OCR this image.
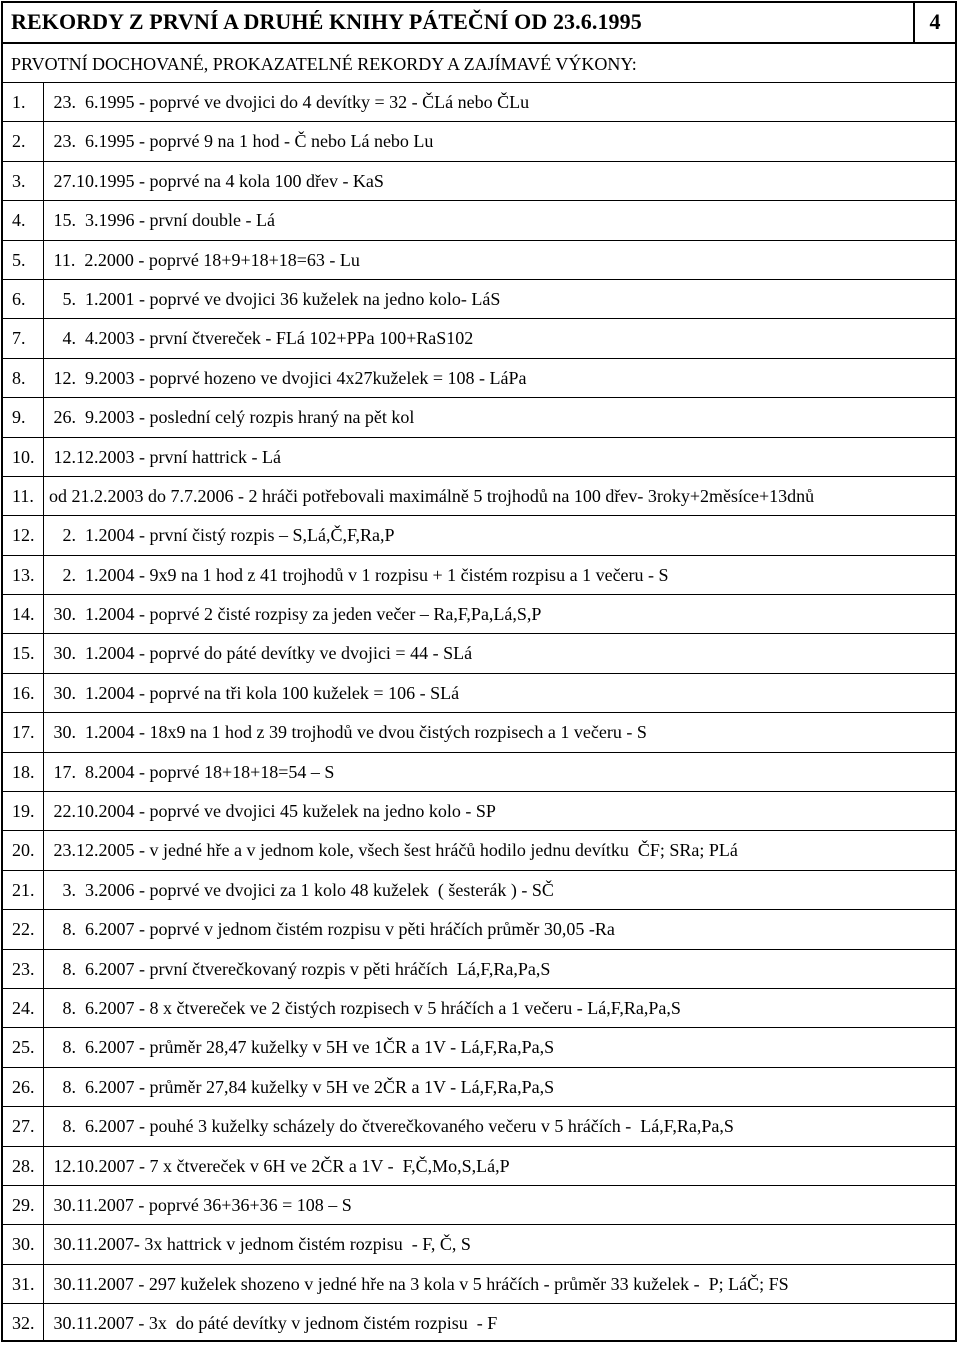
REKORDY Z PRVNÍ A DRUHÉ KNIHY PÁTEČNÍ OD 23.6.1995	4
PRVOTNÍ DOCHOVANÉ, PROKAZATELNÉ REKORDY A ZAJÍMAVÉ VÝKONY:
1. 23.  6.1995 - poprvé ve dvojici do 4 devítky = 32 - ČLá nebo ČLu
2. 23.  6.1995 - poprvé 9 na 1 hod - Č nebo Lá nebo Lu
3. 27.10.1995 - poprvé na 4 kola 100 dřev - KaS
4. 15.  3.1996 - první double - Lá
5. 11.  2.2000 - poprvé 18+9+18+18=63 - Lu
6. 5.  1.2001 - poprvé ve dvojici 36 kuželek na jedno kolo- LáS
7. 4.  4.2003 - první čtvereček - FLá 102+PPa 100+RaS102
8. 12.  9.2003 - poprvé hozeno ve dvojici 4x27kuželek = 108 - LáPa
9. 26.  9.2003 - poslední celý rozpis hraný na pět kol
10. 12.12.2003 - první hattrick - Lá
11. od 21.2.2003 do 7.7.2006 - 2 hráči potřebovali maximálně 5 trojhodů na 100 dřev- 3roky+2měsíce+13dnů
12. 2.  1.2004 - první čistý rozpis – S,Lá,Č,F,Ra,P
13. 2.  1.2004 - 9x9 na 1 hod z 41 trojhodů v 1 rozpisu + 1 čistém rozpisu a 1 večeru - S
14. 30.  1.2004 - poprvé 2 čisté rozpisy za jeden večer – Ra,F,Pa,Lá,S,P
15. 30.  1.2004 - poprvé do páté devítky ve dvojici = 44 - SLá
16. 30.  1.2004 - poprvé na tři kola 100 kuželek = 106 - SLá
17. 30.  1.2004 - 18x9 na 1 hod z 39 trojhodů ve dvou čistých rozpisech a 1 večeru - S
18. 17.  8.2004 - poprvé 18+18+18=54 – S
19. 22.10.2004 - poprvé ve dvojici 45 kuželek na jedno kolo - SP
20. 23.12.2005 - v jedné hře a v jednom kole, všech šest hráčů hodilo jednu devítku  ČF; SRa; PLá
21. 3.  3.2006 - poprvé ve dvojici za 1 kolo 48 kuželek  ( šesterák ) - SČ
22. 8.  6.2007 - poprvé v jednom čistém rozpisu v pěti hráčích průměr 30,05 -Ra
23. 8.  6.2007 - první čtverečkovaný rozpis v pěti hráčích  Lá,F,Ra,Pa,S
24. 8.  6.2007 - 8 x čtvereček ve 2 čistých rozpisech v 5 hráčích a 1 večeru - Lá,F,Ra,Pa,S
25. 8.  6.2007 - průměr 28,47 kuželky v 5H ve 1ČR a 1V - Lá,F,Ra,Pa,S
26. 8.  6.2007 - průměr 27,84 kuželky v 5H ve 2ČR a 1V - Lá,F,Ra,Pa,S
27. 8.  6.2007 - pouhé 3 kuželky scházely do čtverečkovaného večeru v 5 hráčích -  Lá,F,Ra,Pa,S
28. 12.10.2007 - 7 x čtvereček v 6H ve 2ČR a 1V -  F,Č,Mo,S,Lá,P
29. 30.11.2007 - poprvé 36+36+36 = 108 – S
30. 30.11.2007- 3x hattrick v jednom čistém rozpisu  - F, Č, S
31. 30.11.2007 - 297 kuželek shozeno v jedné hře na 3 kola v 5 hráčích - průměr 33 kuželek -  P; LáČ; FS
32. 30.11.2007 - 3x  do páté devítky v jednom čistém rozpisu  - F
